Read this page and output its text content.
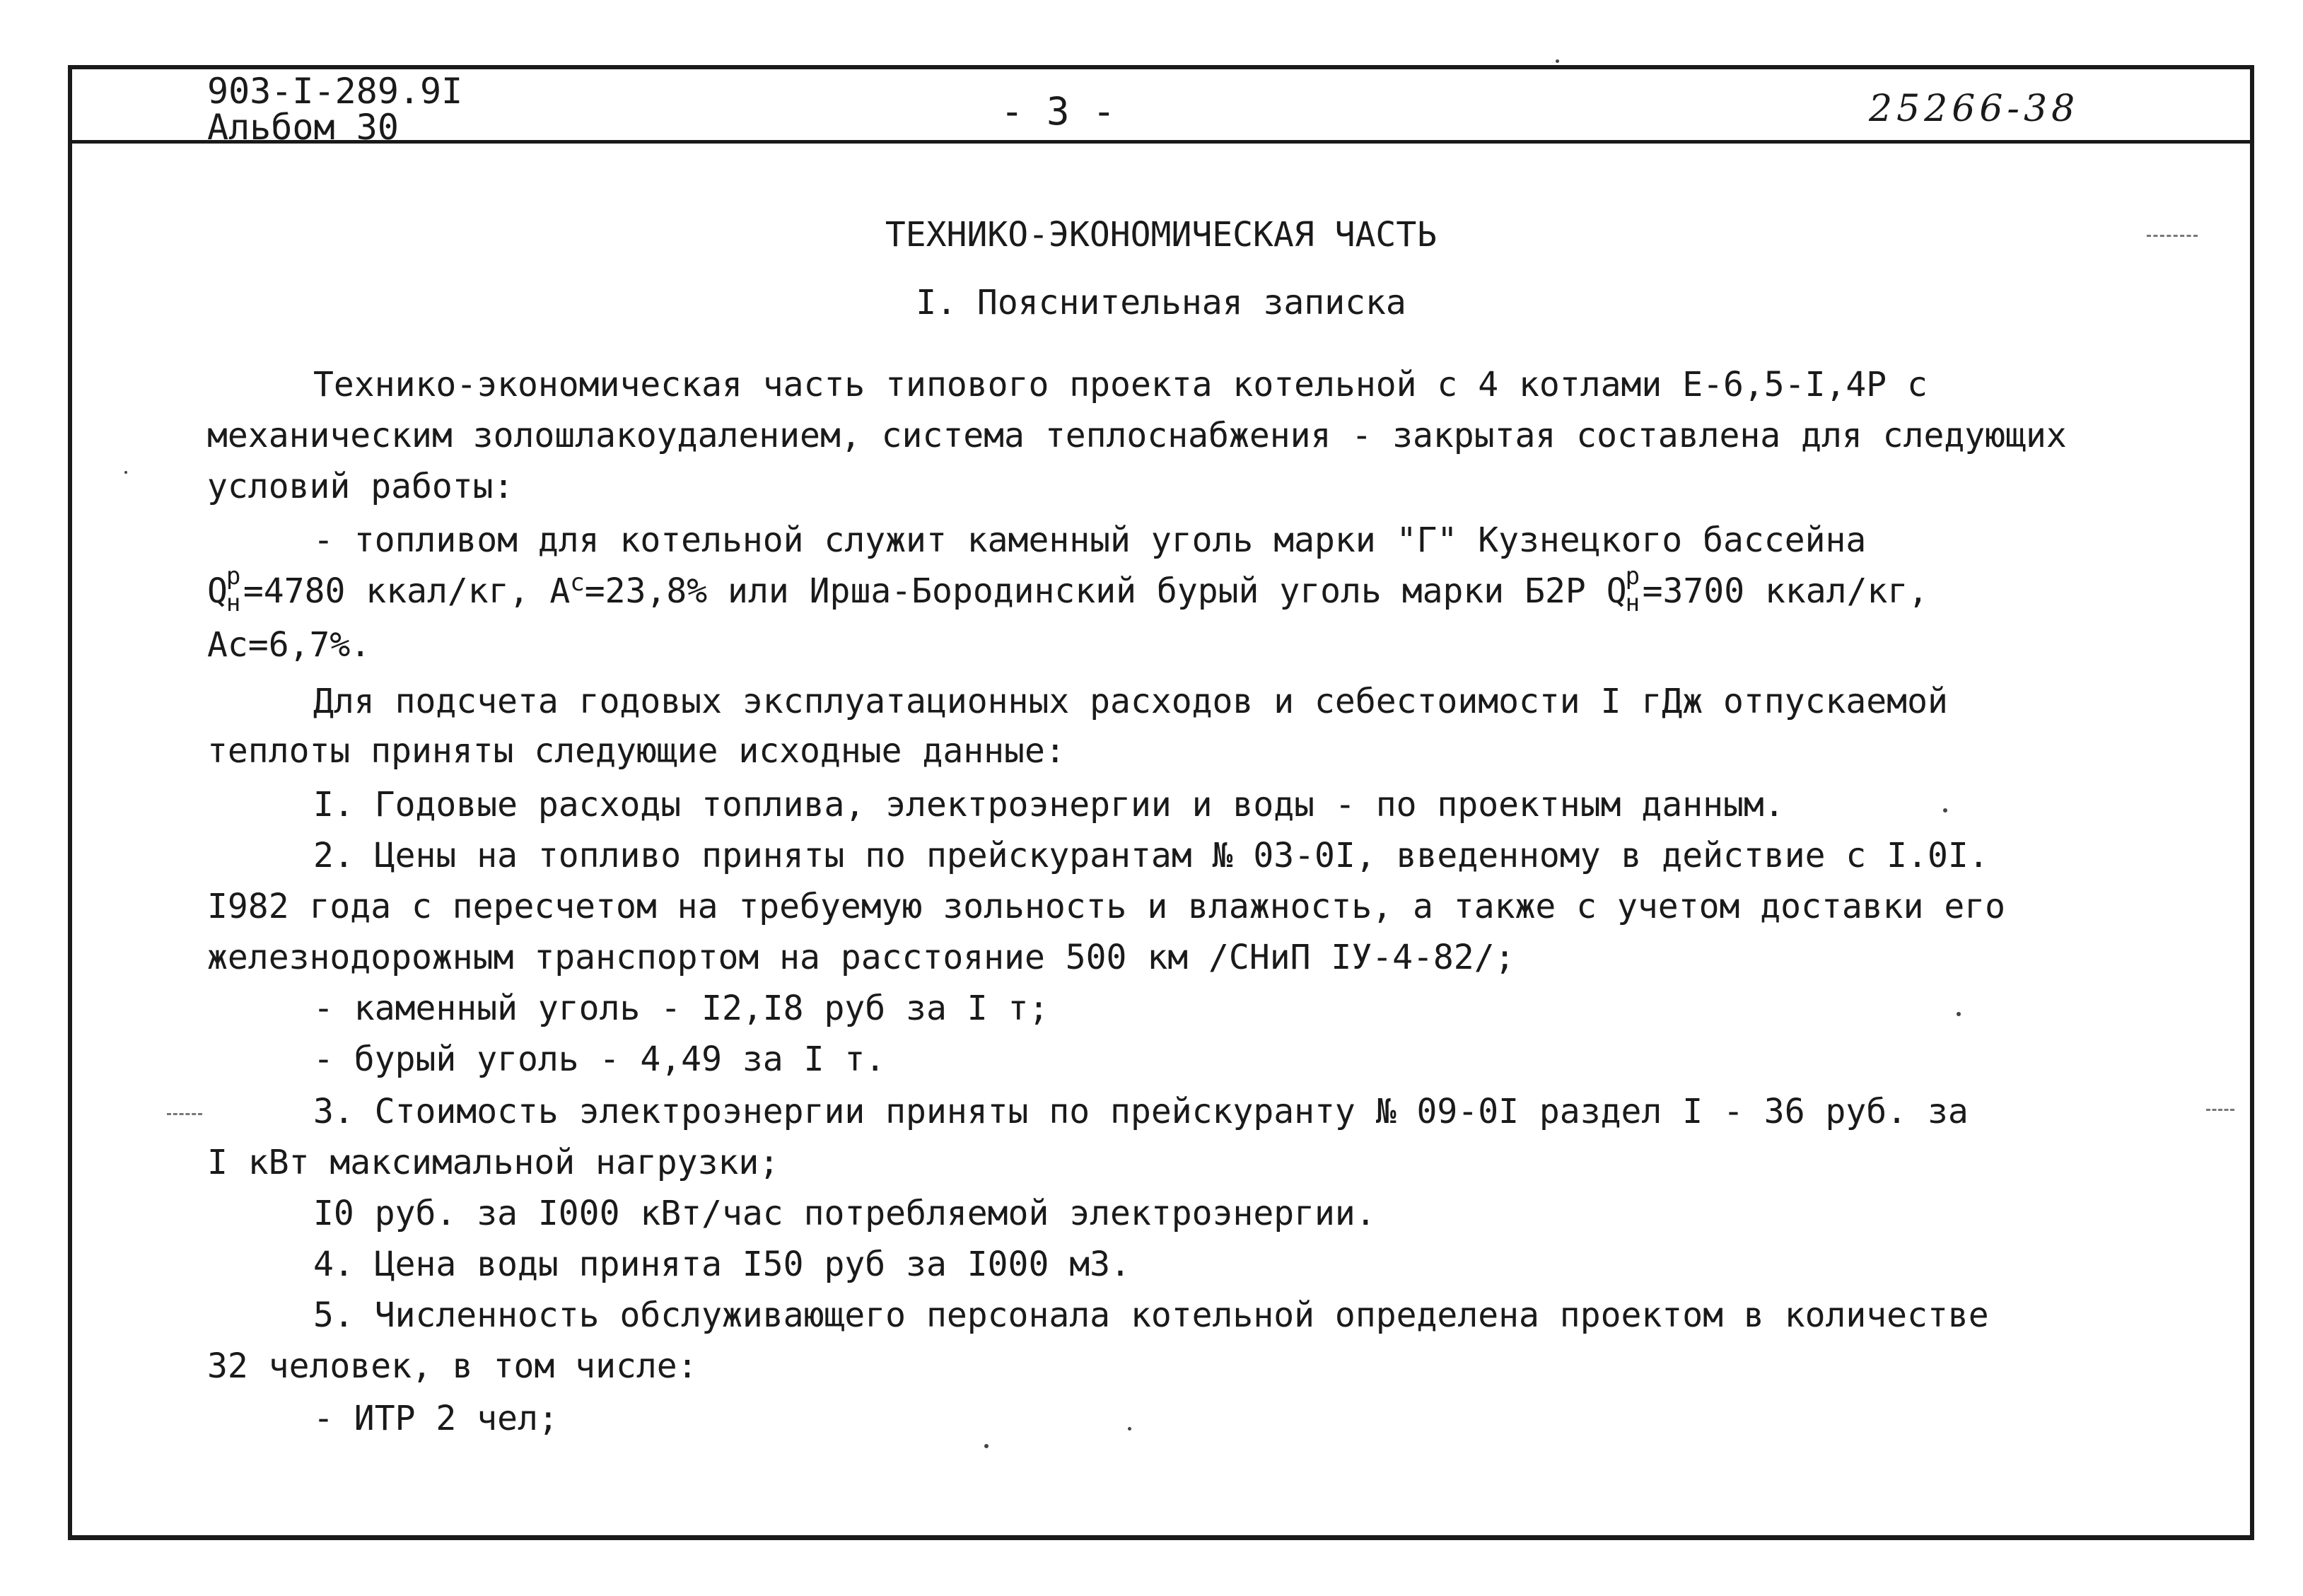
903-I-289.9I
Альбом 30	- 3 -	25266-38
ТЕХНИКО-ЭКОНОМИЧЕСКАЯ ЧАСТЬ
I. Пояснительная записка
Технико-экономическая часть типового проекта котельной с 4 котлами Е-6,5-I,4Р с
механическим золошлакоудалением, система теплоснабжения - закрытая составлена для следующих
условий работы:
- топливом для котельной служит каменный уголь марки "Г" Кузнецкого бассейна
Q
р
н =4780 ккал/кг, $А^с=23,8\%$ или Ирша-Бородинский бурый уголь марки Б2Р Q
р
н =3700 ккал/кг,
Ас=6,7%.
Для подсчета годовых эксплуатационных расходов и себестоимости I гДж отпускаемой
теплоты приняты следующие исходные данные:
I. Годовые расходы топлива, электроэнергии и воды - по проектным данным.
2. Цены на топливо приняты по прейскурантам № 03-0I, введенному в действие с I.0I.
I982 года с пересчетом на требуемую зольность и влажность, а также с учетом доставки его
железнодорожным транспортом на расстояние 500 км /СНиП IУ-4-82/;
- каменный уголь - I2,I8 руб за I т;
- бурый уголь - 4,49 за I т.
3. Стоимость электроэнергии приняты по прейскуранту № 09-0I раздел I - 36 руб. за
I кВт максимальной нагрузки;
I0 руб. за I000 кВт/час потребляемой электроэнергии.
4. Цена воды принята I50 руб за I000 м3.
5. Численность обслуживающего персонала котельной определена проектом в количестве
32 человек, в том числе:
- ИТР 2 чел;
